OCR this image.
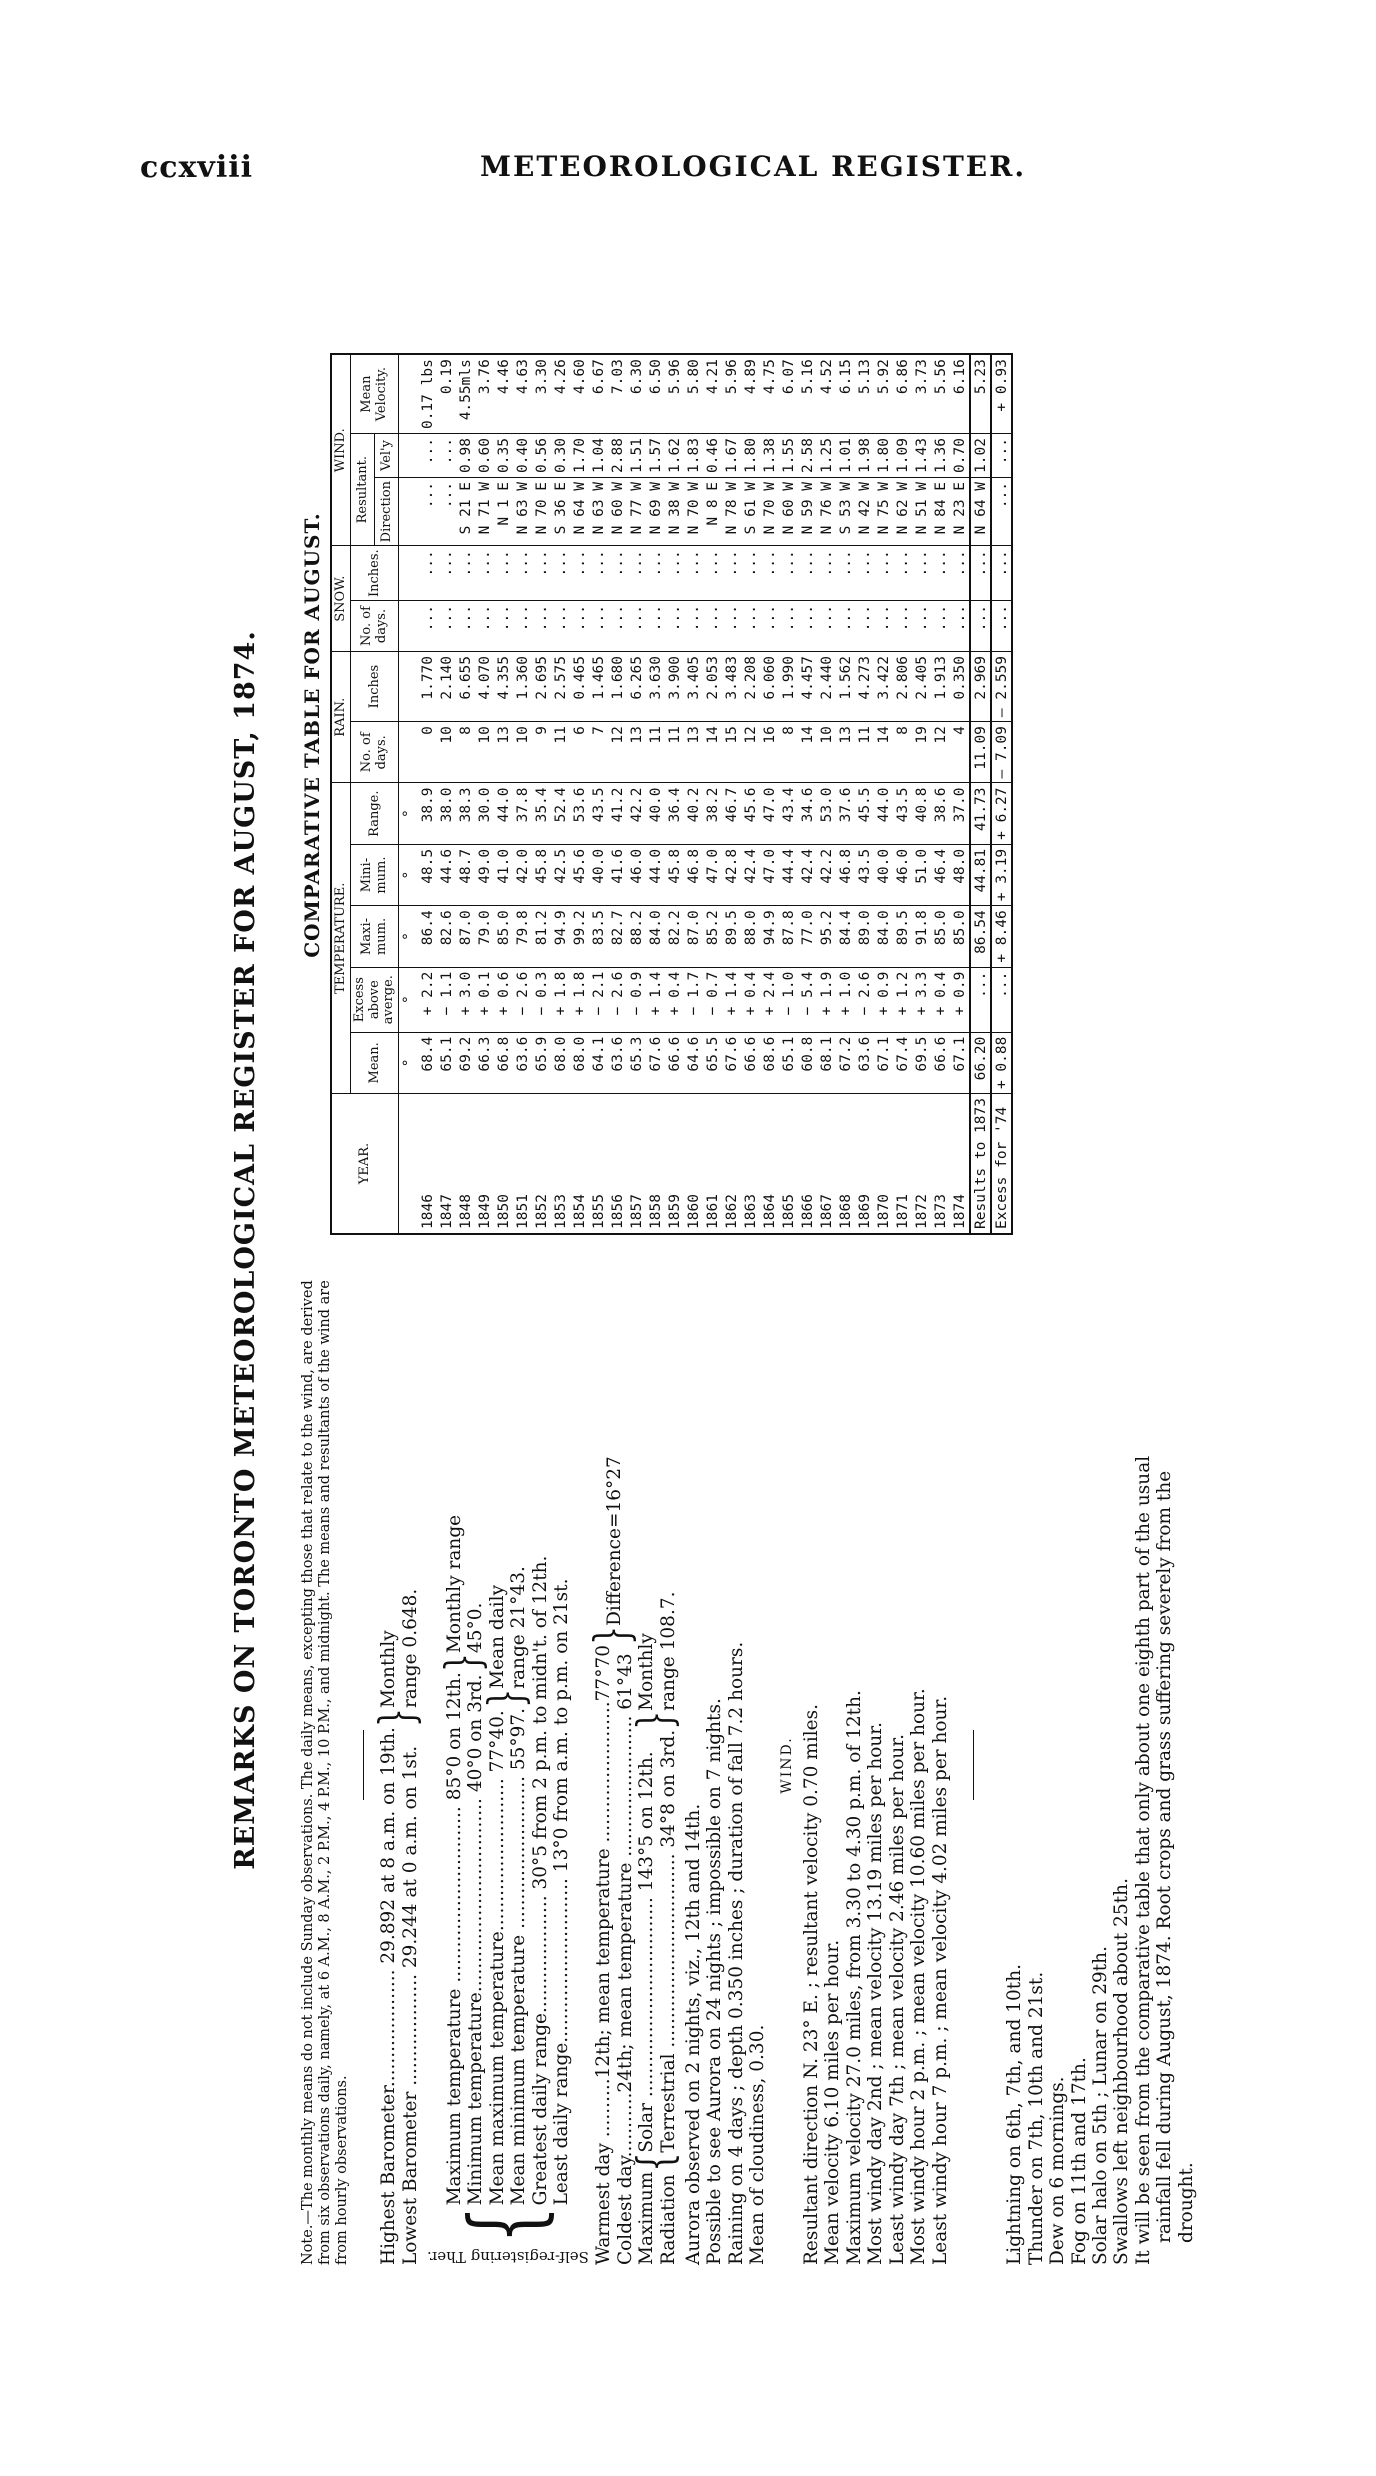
ccxviii	METEOROLOGICAL REGISTER.
REMARKS ON TORONTO METEOROLOGICAL REGISTER FOR AUGUST, 1874.	Note.—The monthly means do not include Sunday observations. The daily means, excepting those that relate to the wind, are derived from six observations daily, namely, at 6 A.M., 8 A.M., 2 P.M., 4 P.M., 10 P.M., and midnight. The means and resultants of the wind are from hourly observations. Highest Barometer.................... 29.892 at 8 a.m. on 19th. Lowest Barometer ................... 29.244 at 0 a.m. on 1st.
}
Monthly range 0.648.
Self-registering Ther.
{
Maximum temperature .............................. 85°0 on 12th. Minimum temperature................................. 40°0 on 3rd.
}
Monthly range 45°0.
Mean maximum temperature.......................... 77°40. Mean minimum temperature .......................... 55°97.
}
Mean daily range 21°43. Greatest daily range.................... 30°5 from 2 p.m. to midn't. of 12th. Least daily range............................ 13°0 from a.m. to p.m. on 21st. Warmest day ..........12th; mean temperature ........................77°70 Coldest day...........24th; mean temperature ........................ 61°43
}
Difference=16°27
Maximum Radiation
{
Solar .................................. 143°5 on 12th. Terrestrial ................................. 34°8 on 3rd.
}
Monthly range 108.7.
Aurora observed on 2 nights, viz., 12th and 14th. Possible to see Aurora on 24 nights ; impossible on 7 nights. Raining on 4 days ; depth 0.350 inches ; duration of fall 7.2 hours. Mean of cloudiness, 0.30.
WIND. Resultant direction N. 23° E. ; resultant velocity 0.70 miles. Mean velocity 6.10 miles per hour. Maximum velocity 27.0 miles, from 3.30 to 4.30 p.m. of 12th. Most windy day 2nd ; mean velocity 13.19 miles per hour. Least windy day 7th ; mean velocity 2.46 miles per hour. Most windy hour 2 p.m. ; mean velocity 10.60 miles per hour. Least windy hour 7 p.m. ; mean velocity 4.02 miles per hour.	Lightning on 6th, 7th, and 10th. Thunder on 7th, 10th and 21st. Dew on 6 mornings. Fog on 11th and 17th. Solar halo on 5th ; Lunar on 29th. Swallows left neighbourhood about 25th. It will be seen from the comparative table that only about one eighth part of the usual rainfall fell during August, 1874. Root crops and grass suffering severely from the drought.
COMPARATIVE TABLE FOR AUGUST.
YEAR.	TEMPERATURE.					RAIN.		SNOW.		WIND.		
	Mean.	Excess above averge.	Maxi-mum.	Mini-mum.	Range.	No. of days.	Inches	No. of days.	Inches.	Resultant.		Mean Velocity.
										Direction	Vel'y	
	°	°	°	°	°							
1846	68.4	+ 2.2	86.4	48.5	38.9	0	1.770	...	...	...	...	0.17 lbs
1847	65.1	− 1.1	82.6	44.6	38.0	10	2.140	...	...	...	...	0.19
1848	69.2	+ 3.0	87.0	48.7	38.3	8	6.655	...	...	S 21 E	0.98	4.55mls
1849	66.3	+ 0.1	79.0	49.0	30.0	10	4.070	...	...	N 71 W	0.60	3.76
1850	66.8	+ 0.6	85.0	41.0	44.0	13	4.355	...	...	N 1 E	0.35	4.46
1851	63.6	− 2.6	79.8	42.0	37.8	10	1.360	...	...	N 63 W	0.40	4.63
1852	65.9	− 0.3	81.2	45.8	35.4	9	2.695	...	...	N 70 E	0.56	3.30
1853	68.0	+ 1.8	94.9	42.5	52.4	11	2.575	...	...	S 36 E	0.30	4.26
1854	68.0	+ 1.8	99.2	45.6	53.6	6	0.465	...	...	N 64 W	1.70	4.60
1855	64.1	− 2.1	83.5	40.0	43.5	7	1.465	...	...	N 63 W	1.04	6.67
1856	63.6	− 2.6	82.7	41.6	41.2	12	1.680	...	...	N 60 W	2.88	7.03
1857	65.3	− 0.9	88.2	46.0	42.2	13	6.265	...	...	N 77 W	1.51	6.30
1858	67.6	+ 1.4	84.0	44.0	40.0	11	3.630	...	...	N 69 W	1.57	6.50
1859	66.6	+ 0.4	82.2	45.8	36.4	11	3.900	...	...	N 38 W	1.62	5.96
1860	64.6	− 1.7	87.0	46.8	40.2	13	3.405	...	...	N 70 W	1.83	5.80
1861	65.5	− 0.7	85.2	47.0	38.2	14	2.053	...	...	N 8 E	0.46	4.21
1862	67.6	+ 1.4	89.5	42.8	46.7	15	3.483	...	...	N 78 W	1.67	5.96
1863	66.6	+ 0.4	88.0	42.4	45.6	12	2.208	...	...	S 61 W	1.80	4.89
1864	68.6	+ 2.4	94.9	47.0	47.0	16	6.060	...	...	N 70 W	1.38	4.75
1865	65.1	− 1.0	87.8	44.4	43.4	8	1.990	...	...	N 60 W	1.55	6.07
1866	60.8	− 5.4	77.0	42.4	34.6	14	4.457	...	...	N 59 W	2.58	5.16
1867	68.1	+ 1.9	95.2	42.2	53.0	10	2.440	...	...	N 76 W	1.25	4.52
1868	67.2	+ 1.0	84.4	46.8	37.6	13	1.562	...	...	S 53 W	1.01	6.15
1869	63.6	− 2.6	89.0	43.5	45.5	11	4.273	...	...	N 42 W	1.98	5.13
1870	67.1	+ 0.9	84.0	40.0	44.0	14	3.422	...	...	N 75 W	1.80	5.92
1871	67.4	+ 1.2	89.5	46.0	43.5	8	2.806	...	...	N 62 W	1.09	6.86
1872	69.5	+ 3.3	91.8	51.0	40.8	19	2.405	...	...	N 51 W	1.43	3.73
1873	66.6	+ 0.4	85.0	46.4	38.6	12	1.913	...	...	N 84 E	1.36	5.56
1874	67.1	+ 0.9	85.0	48.0	37.0	4	0.350	...	...	N 23 E	0.70	6.16
Results to 1873	66.20	...	86.54	44.81	41.73	11.09	2.969	...	...	N 64 W	1.02	5.23
Excess for '74	+ 0.88	...	+ 8.46	+ 3.19	+ 6.27	— 7.09	— 2.559	...	...	...	...	+ 0.93
